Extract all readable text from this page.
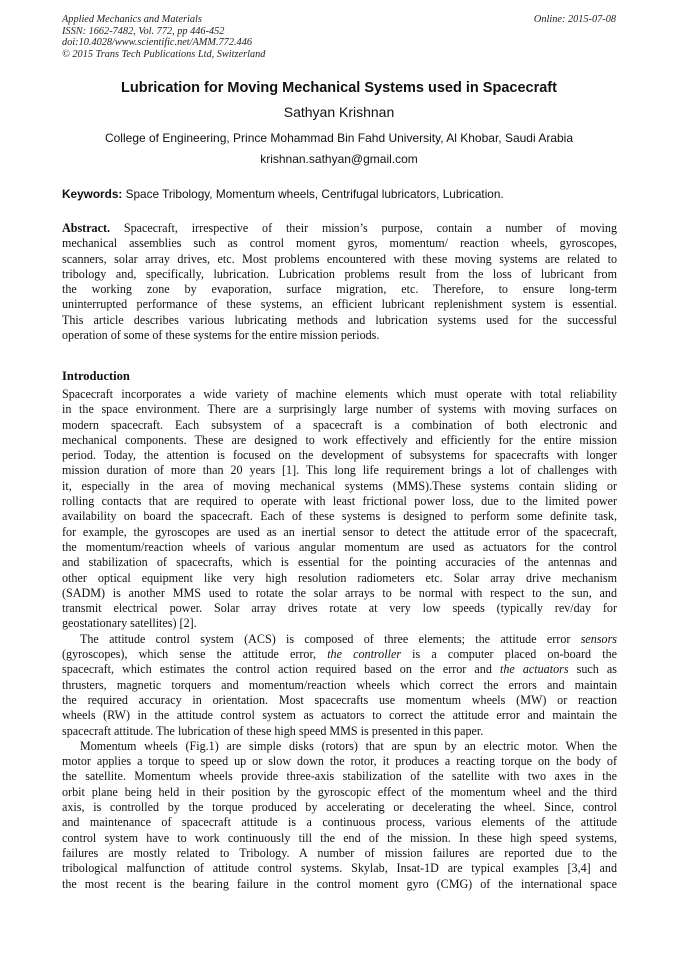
Applied Mechanics and Materials
ISSN: 1662-7482, Vol. 772, pp 446-452
doi:10.4028/www.scientific.net/AMM.772.446
© 2015 Trans Tech Publications Ltd, Switzerland
Online: 2015-07-08
Lubrication for Moving Mechanical Systems used in Spacecraft
Sathyan Krishnan
College of Engineering, Prince Mohammad Bin Fahd University, Al Khobar, Saudi Arabia
krishnan.sathyan@gmail.com
Keywords: Space Tribology, Momentum wheels, Centrifugal lubricators, Lubrication.
Abstract. Spacecraft, irrespective of their mission’s purpose, contain a number of moving
mechanical assemblies such as control moment gyros, momentum/ reaction wheels, gyroscopes,
scanners, solar array drives, etc. Most problems encountered with these moving systems are related to
tribology and, specifically, lubrication. Lubrication problems result from the loss of lubricant from
the working zone by evaporation, surface migration, etc. Therefore, to ensure long-term
uninterrupted performance of these systems, an efficient lubricant replenishment system is essential.
This article describes various lubricating methods and lubrication systems used for the successful
operation of some of these systems for the entire mission periods.
Introduction
Spacecraft incorporates a wide variety of machine elements which must operate with total reliability
in the space environment. There are a surprisingly large number of systems with moving surfaces on
modern spacecraft. Each subsystem of a spacecraft is a combination of both electronic and
mechanical components. These are designed to work effectively and efficiently for the entire mission
period. Today, the attention is focused on the development of subsystems for spacecrafts with longer
mission duration of more than 20 years [1]. This long life requirement brings a lot of challenges with
it, especially in the area of moving mechanical systems (MMS).These systems contain sliding or
rolling contacts that are required to operate with least frictional power loss, due to the limited power
availability on board the spacecraft. Each of these systems is designed to perform some definite task,
for example, the gyroscopes are used as an inertial sensor to detect the attitude error of the spacecraft,
the momentum/reaction wheels of various angular momentum are used as actuators for the control
and stabilization of spacecrafts, which is essential for the pointing accuracies of the antennas and
other optical equipment like very high resolution radiometers etc. Solar array drive mechanism
(SADM) is another MMS used to rotate the solar arrays to be normal with respect to the sun, and
transmit electrical power. Solar array drives rotate at very low speeds (typically rev/day for
geostationary satellites) [2].
The attitude control system (ACS) is composed of three elements; the attitude error sensors
(gyroscopes), which sense the attitude error, the controller is a computer placed on-board the
spacecraft, which estimates the control action required based on the error and the actuators such as
thrusters, magnetic torquers and momentum/reaction wheels which correct the errors and maintain
the required accuracy in orientation. Most spacecrafts use momentum wheels (MW) or reaction
wheels (RW) in the attitude control system as actuators to correct the attitude error and maintain the
spacecraft attitude. The lubrication of these high speed MMS is presented in this paper.
Momentum wheels (Fig.1) are simple disks (rotors) that are spun by an electric motor. When the
motor applies a torque to speed up or slow down the rotor, it produces a reacting torque on the body of
the satellite. Momentum wheels provide three-axis stabilization of the satellite with two axes in the
orbit plane being held in their position by the gyroscopic effect of the momentum wheel and the third
axis, is controlled by the torque produced by accelerating or decelerating the wheel. Since, control
and maintenance of spacecraft attitude is a continuous process, various elements of the attitude
control system have to work continuously till the end of the mission. In these high speed systems,
failures are mostly related to Tribology. A number of mission failures are reported due to the
tribological malfunction of attitude control systems. Skylab, Insat-1D are typical examples [3,4] and
the most recent is the bearing failure in the control moment gyro (CMG) of the international space
